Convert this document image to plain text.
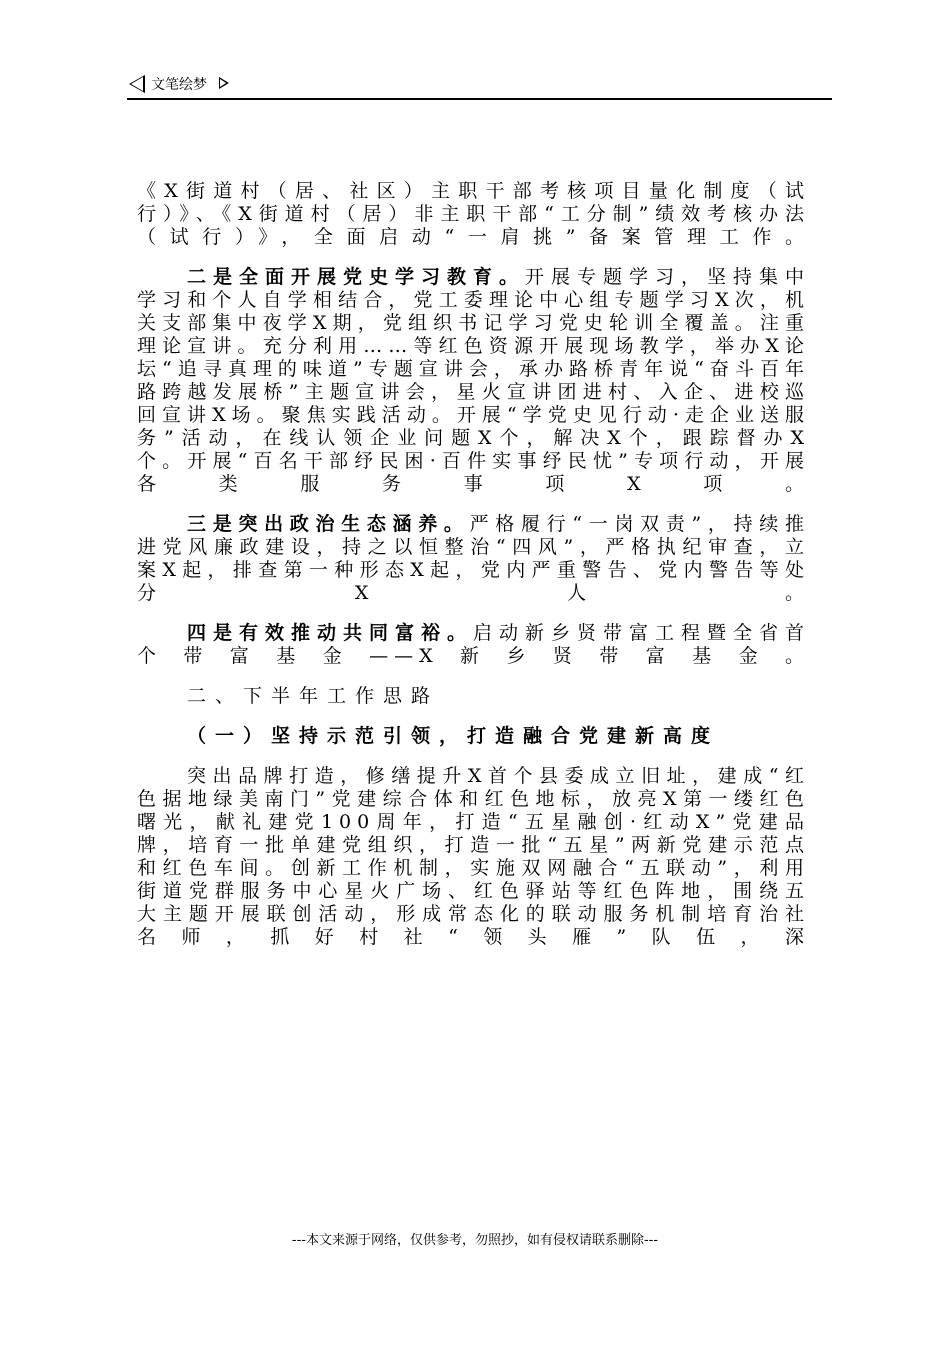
文笔绘梦

《X街道村（居、社区）主职干部考核项目量化制度（试行）》、《X街道村（居）非主职干部“工分制”绩效考核办法（试行）》，全面启动“一肩挑”备案管理工作。

二是全面开展党史学习教育。开展专题学习，坚持集中学习和个人自学相结合，党工委理论中心组专题学习X次，机关支部集中夜学X期，党组织书记学习党史轮训全覆盖。注重理论宣讲。充分利用……等红色资源开展现场教学，举办X论坛“追寻真理的味道”专题宣讲会，承办路桥青年说“奋斗百年路跨越发展桥”主题宣讲会，星火宣讲团进村、入企、进校巡回宣讲X场。聚焦实践活动。开展“学党史见行动·走企业送服务”活动，在线认领企业问题X个，解决X个，跟踪督办X个。开展“百名干部纾民困·百件实事纾民忧”专项行动，开展各类服务事项X项。

三是突出政治生态涵养。严格履行“一岗双责”，持续推进党风廉政建设，持之以恒整治“四风”，严格执纪审查，立案X起，排查第一种形态X起，党内严重警告、党内警告等处分X人。

四是有效推动共同富裕。启动新乡贤带富工程暨全省首个带富基金——X新乡贤带富基金。

二、下半年工作思路

（一）坚持示范引领，打造融合党建新高度

突出品牌打造，修缮提升X首个县委成立旧址，建成“红色据地绿美南门”党建综合体和红色地标，放亮X第一缕红色曙光，献礼建党100周年，打造“五星融创·红动X”党建品牌，培育一批单建党组织，打造一批“五星”两新党建示范点和红色车间。创新工作机制，实施双网融合“五联动”，利用街道党群服务中心星火广场、红色驿站等红色阵地，围绕五大主题开展联创活动，形成常态化的联动服务机制培育治社名师，抓好村社“领头雁”队伍，深

---本文来源于网络，仅供参考，勿照抄，如有侵权请联系删除---
